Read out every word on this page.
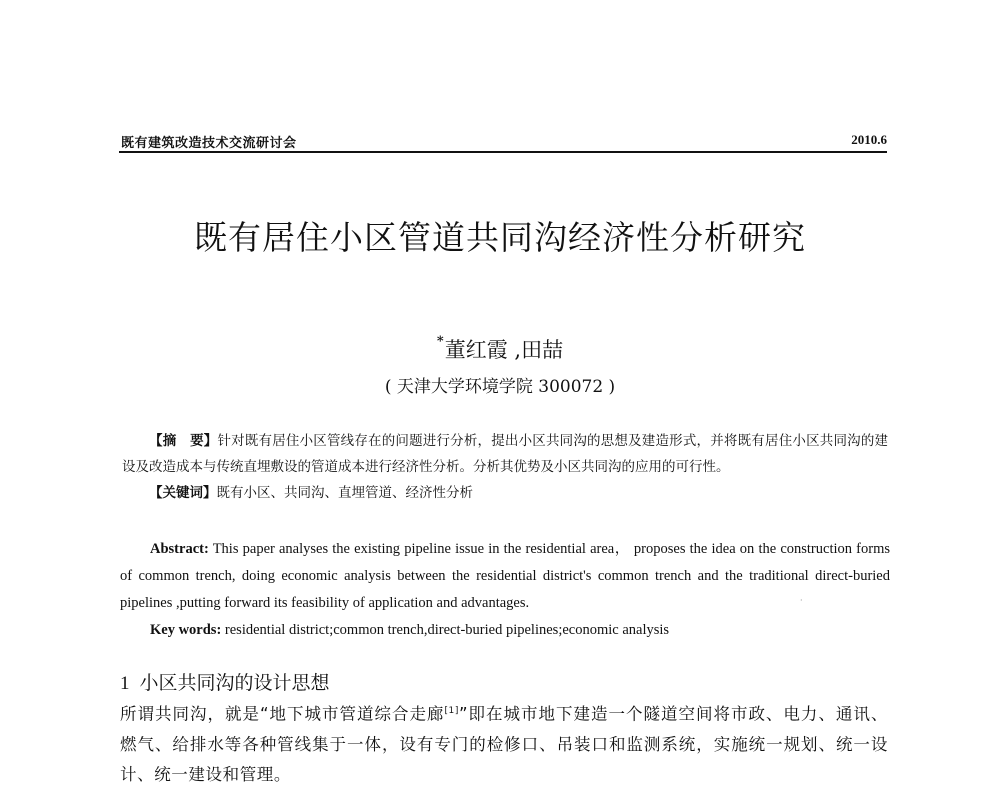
既有建筑改造技术交流研讨会	2010.6
既有居住小区管道共同沟经济性分析研究
*董红霞 ,田喆
( 天津大学环境学院 300072 )
【摘　要】针对既有居住小区管线存在的问题进行分析，提出小区共同沟的思想及建造形式，并将既有居住小区共同沟的建设及改造成本与传统直埋敷设的管道成本进行经济性分析。分析其优势及小区共同沟的应用的可行性。
【关键词】既有小区、共同沟、直埋管道、经济性分析
Abstract: This paper analyses the existing pipeline issue in the residential area， proposes the idea on the construction forms of common trench, doing economic analysis between the residential district's common trench and the traditional direct-buried pipelines ,putting forward its feasibility of application and advantages.	·
Key words: residential district;common trench,direct-buried pipelines;economic analysis
1 小区共同沟的设计思想
所谓共同沟，就是“地下城市管道综合走廊[1]”即在城市地下建造一个隧道空间将市政、电力、通讯、燃气、给排水等各种管线集于一体，设有专门的检修口、吊装口和监测系统，实施统一规划、统一设计、统一建设和管理。
